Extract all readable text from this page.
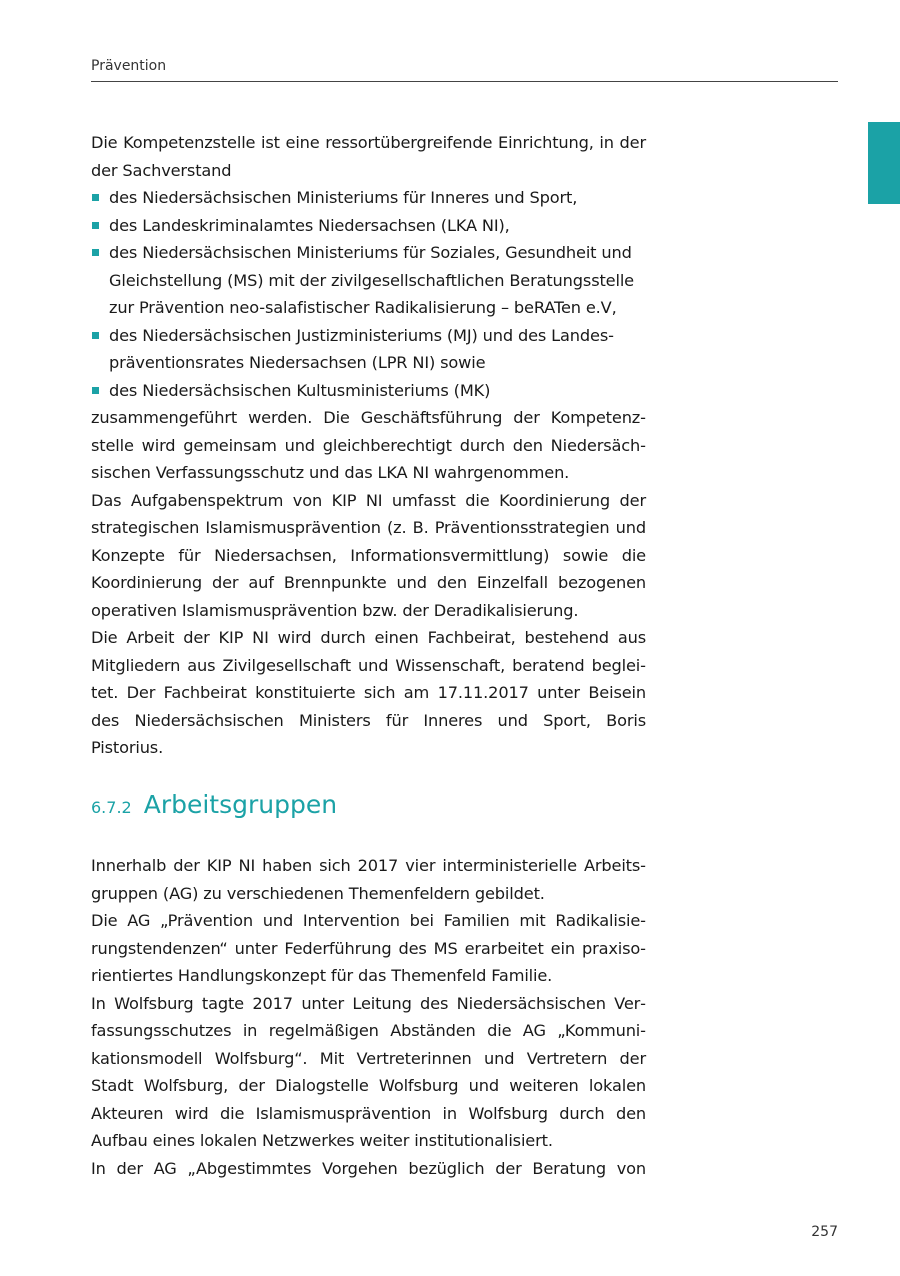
Prävention

Die Kompetenzstelle ist eine ressortübergreifende Einrichtung, in der der Sachverstand

des Niedersächsischen Ministeriums für Inneres und Sport,
des Landeskriminalamtes Niedersachsen (LKA NI),
des Niedersächsischen Ministeriums für Soziales, Gesundheit und Gleichstellung (MS) mit der zivilgesellschaftlichen Beratungsstelle zur Prävention neo-salafistischer Radikalisierung – beRATen e.V,
des Niedersächsischen Justizministeriums (MJ) und des Landespräventionsrates Niedersachsen (LPR NI) sowie
des Niedersächsischen Kultusministeriums (MK)

zusammengeführt werden. Die Geschäftsführung der Kompetenzstelle wird gemeinsam und gleichberechtigt durch den Niedersächsischen Verfassungsschutz und das LKA NI wahrgenommen.

Das Aufgabenspektrum von KIP NI umfasst die Koordinierung der strategischen Islamismusprävention (z. B. Präventionsstrategien und Konzepte für Niedersachsen, Informationsvermittlung) sowie die Koordinierung der auf Brennpunkte und den Einzelfall bezogenen operativen Islamismusprävention bzw. der Deradikalisierung.

Die Arbeit der KIP NI wird durch einen Fachbeirat, bestehend aus Mitgliedern aus Zivilgesellschaft und Wissenschaft, beratend begleitet. Der Fachbeirat konstituierte sich am 17.11.2017 unter Beisein des Niedersächsischen Ministers für Inneres und Sport, Boris Pistorius.

6.7.2 Arbeitsgruppen

Innerhalb der KIP NI haben sich 2017 vier interministerielle Arbeitsgruppen (AG) zu verschiedenen Themenfeldern gebildet.

Die AG „Prävention und Intervention bei Familien mit Radikalisierungstendenzen“ unter Federführung des MS erarbeitet ein praxisorientiertes Handlungskonzept für das Themenfeld Familie.

In Wolfsburg tagte 2017 unter Leitung des Niedersächsischen Verfassungsschutzes in regelmäßigen Abständen die AG „Kommunikationsmodell Wolfsburg“. Mit Vertreterinnen und Vertretern der Stadt Wolfsburg, der Dialogstelle Wolfsburg und weiteren lokalen Akteuren wird die Islamismusprävention in Wolfsburg durch den Aufbau eines lokalen Netzwerkes weiter institutionalisiert.

In der AG „Abgestimmtes Vorgehen bezüglich der Beratung von

257
